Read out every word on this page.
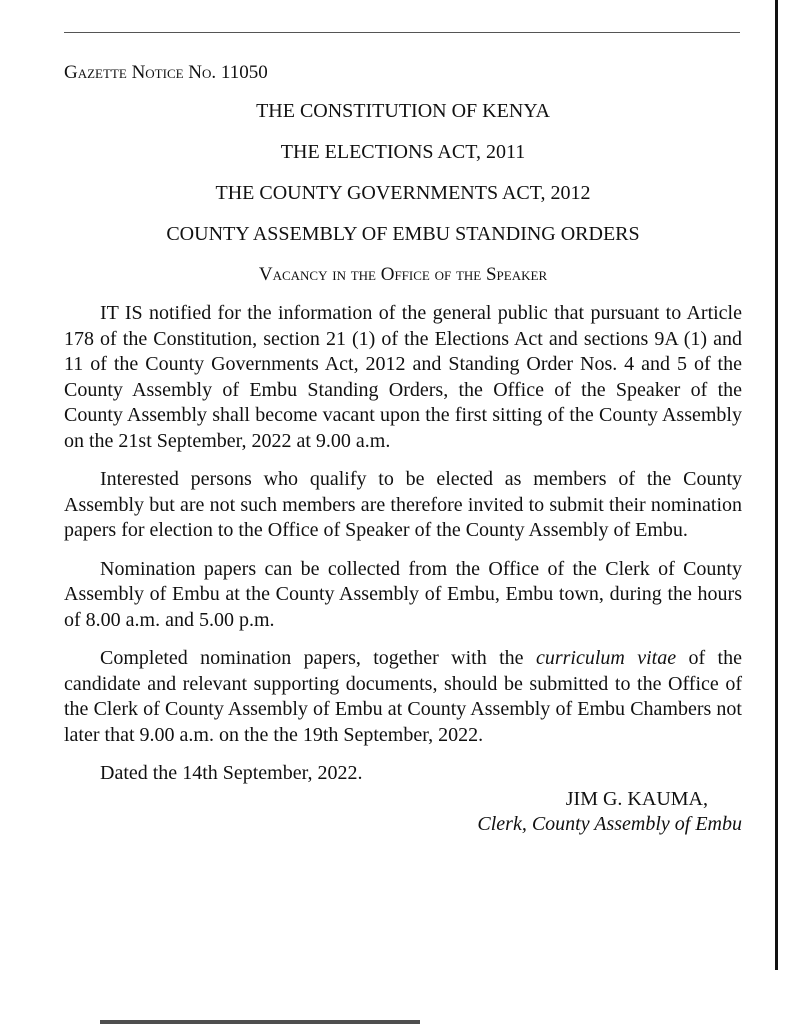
Gazette Notice No. 11050

THE CONSTITUTION OF KENYA

THE ELECTIONS ACT, 2011

THE COUNTY GOVERNMENTS ACT, 2012

COUNTY ASSEMBLY OF EMBU STANDING ORDERS

Vacancy in the Office of the Speaker

IT IS notified for the information of the general public that pursuant to Article 178 of the Constitution, section 21 (1) of the Elections Act and sections 9A (1) and 11 of the County Governments Act, 2012 and Standing Order Nos. 4 and 5 of the County Assembly of Embu Standing Orders, the Office of the Speaker of the County Assembly shall become vacant upon the first sitting of the County Assembly on the 21st September, 2022 at 9.00 a.m.

Interested persons who qualify to be elected as members of the County Assembly but are not such members are therefore invited to submit their nomination papers for election to the Office of Speaker of the County Assembly of Embu.

Nomination papers can be collected from the Office of the Clerk of County Assembly of Embu at the County Assembly of Embu, Embu town, during the hours of 8.00 a.m. and 5.00 p.m.

Completed nomination papers, together with the curriculum vitae of the candidate and relevant supporting documents, should be submitted to the Office of the Clerk of County Assembly of Embu at County Assembly of Embu Chambers not later that 9.00 a.m. on the the 19th September, 2022.

Dated the 14th September, 2022.

JIM G. KAUMA,

Clerk, County Assembly of Embu
